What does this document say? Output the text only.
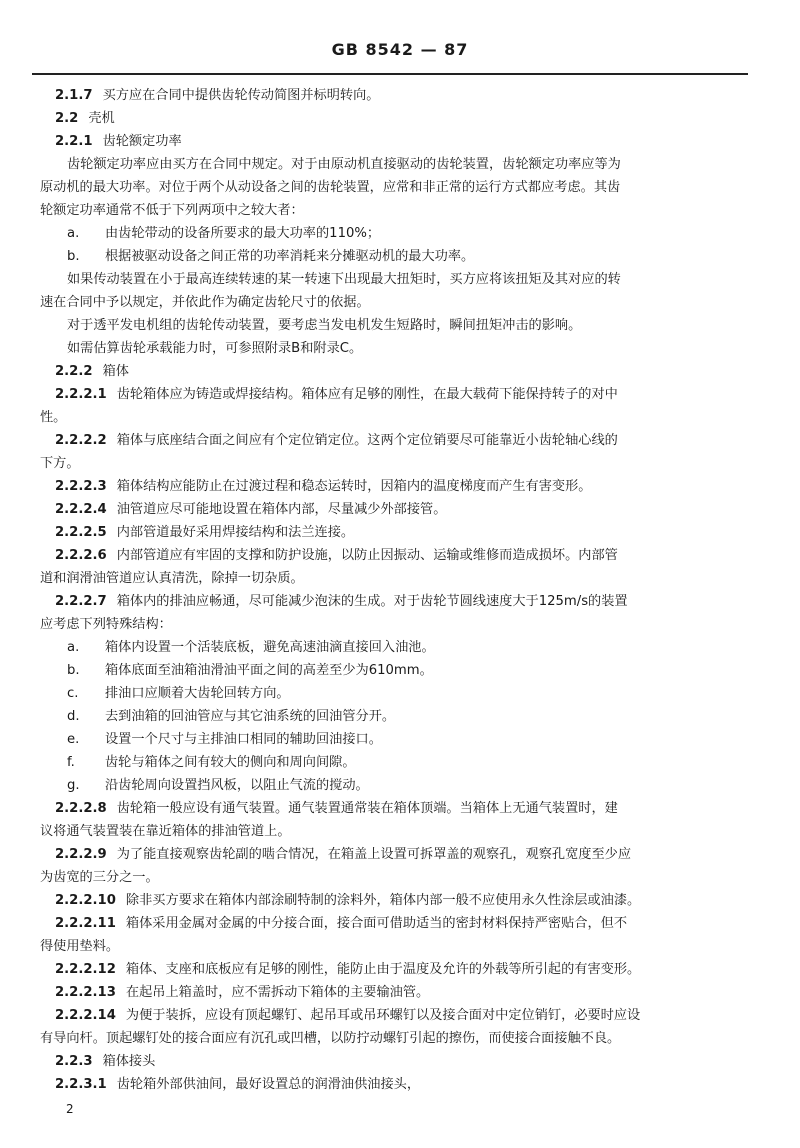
GB 8542 — 87
2.1.7 买方应在合同中提供齿轮传动简图并标明转向。
2.2 壳机
2.2.1 齿轮额定功率
齿轮额定功率应由买方在合同中规定。对于由原动机直接驱动的齿轮装置，齿轮额定功率应等为
原动机的最大功率。对位于两个从动设备之间的齿轮装置，应常和非正常的运行方式都应考虑。其齿
轮额定功率通常不低于下列两项中之较大者：
a. 由齿轮带动的设备所要求的最大功率的110%；
b. 根据被驱动设备之间正常的功率消耗来分摊驱动机的最大功率。
如果传动装置在小于最高连续转速的某一转速下出现最大扭矩时，买方应将该扭矩及其对应的转
速在合同中予以规定，并依此作为确定齿轮尺寸的依据。
对于透平发电机组的齿轮传动装置，要考虑当发电机发生短路时，瞬间扭矩冲击的影响。
如需估算齿轮承载能力时，可参照附录B和附录C。
2.2.2 箱体
2.2.2.1 齿轮箱体应为铸造或焊接结构。箱体应有足够的刚性，在最大载荷下能保持转子的对中
性。
2.2.2.2 箱体与底座结合面之间应有个定位销定位。这两个定位销要尽可能靠近小齿轮轴心线的
下方。
2.2.2.3 箱体结构应能防止在过渡过程和稳态运转时，因箱内的温度梯度而产生有害变形。
2.2.2.4 油管道应尽可能地设置在箱体内部，尽量减少外部接管。
2.2.2.5 内部管道最好采用焊接结构和法兰连接。
2.2.2.6 内部管道应有牢固的支撑和防护设施，以防止因振动、运输或维修而造成损坏。内部管
道和润滑油管道应认真清洗，除掉一切杂质。
2.2.2.7 箱体内的排油应畅通，尽可能减少泡沫的生成。对于齿轮节圆线速度大于125m/s的装置
应考虑下列特殊结构：
a. 箱体内设置一个活装底板，避免高速油滴直接回入油池。
b. 箱体底面至油箱油滑油平面之间的高差至少为610mm。
c. 排油口应顺着大齿轮回转方向。
d. 去到油箱的回油管应与其它油系统的回油管分开。
e. 设置一个尺寸与主排油口相同的辅助回油接口。
f. 齿轮与箱体之间有较大的侧向和周向间隙。
g. 沿齿轮周向设置挡风板，以阻止气流的搅动。
2.2.2.8 齿轮箱一般应设有通气装置。通气装置通常装在箱体顶端。当箱体上无通气装置时，建
议将通气装置装在靠近箱体的排油管道上。
2.2.2.9 为了能直接观察齿轮副的啮合情况，在箱盖上设置可拆罩盖的观察孔，观察孔宽度至少应
为齿宽的三分之一。
2.2.2.10 除非买方要求在箱体内部涂刷特制的涂料外，箱体内部一般不应使用永久性涂层或油漆。
2.2.2.11 箱体采用金属对金属的中分接合面，接合面可借助适当的密封材料保持严密贴合，但不
得使用垫料。
2.2.2.12 箱体、支座和底板应有足够的刚性，能防止由于温度及允许的外载等所引起的有害变形。
2.2.2.13 在起吊上箱盖时，应不需拆动下箱体的主要输油管。
2.2.2.14 为便于装拆，应设有顶起螺钉、起吊耳或吊环螺钉以及接合面对中定位销钉，必要时应设
有导向杆。顶起螺钉处的接合面应有沉孔或凹槽，以防拧动螺钉引起的擦伤，而使接合面接触不良。
2.2.3 箱体接头
2.2.3.1 齿轮箱外部供油间，最好设置总的润滑油供油接头，
2
